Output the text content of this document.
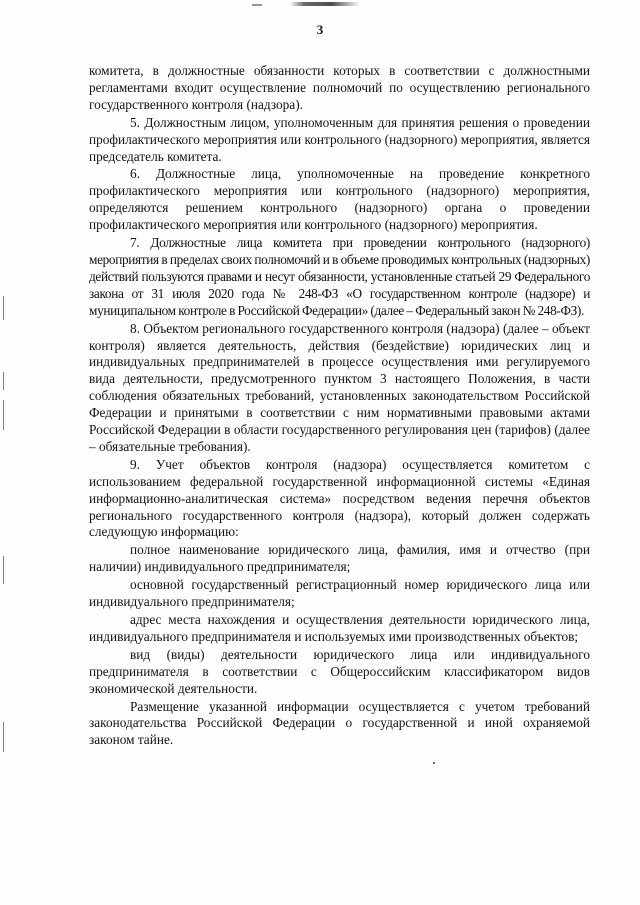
3

комитета, в должностные обязанности которых в соответствии с должностными регламентами входит осуществление полномочий по осуществлению регионального государственного контроля (надзора).

5. Должностным лицом, уполномоченным для принятия решения о проведении профилактического мероприятия или контрольного (надзорного) мероприятия, является председатель комитета.

6. Должностные лица, уполномоченные на проведение конкретного профилактического мероприятия или контрольного (надзорного) мероприятия, определяются решением контрольного (надзорного) органа о проведении профилактического мероприятия или контрольного (надзорного) мероприятия.

7. Должностные лица комитета при проведении контрольного (надзорного) мероприятия в пределах своих полномочий и в объеме проводимых контрольных (надзорных) действий пользуются правами и несут обязанности, установленные статьей 29 Федерального закона от 31 июля 2020 года № 248-ФЗ «О государственном контроле (надзоре) и муниципальном контроле в Российской Федерации» (далее – Федеральный закон № 248-ФЗ).

8. Объектом регионального государственного контроля (надзора) (далее – объект контроля) является деятельность, действия (бездействие) юридических лиц и индивидуальных предпринимателей в процессе осуществления ими регулируемого вида деятельности, предусмотренного пунктом 3 настоящего Положения, в части соблюдения обязательных требований, установленных законодательством Российской Федерации и принятыми в соответствии с ним нормативными правовыми актами Российской Федерации в области государственного регулирования цен (тарифов) (далее – обязательные требования).

9. Учет объектов контроля (надзора) осуществляется комитетом с использованием федеральной государственной информационной системы «Единая информационно-аналитическая система» посредством ведения перечня объектов регионального государственного контроля (надзора), который должен содержать следующую информацию:

полное наименование юридического лица, фамилия, имя и отчество (при наличии) индивидуального предпринимателя;

основной государственный регистрационный номер юридического лица или индивидуального предпринимателя;

адрес места нахождения и осуществления деятельности юридического лица, индивидуального предпринимателя и используемых ими производственных объектов;

вид (виды) деятельности юридического лица или индивидуального предпринимателя в соответствии с Общероссийским классификатором видов экономической деятельности.

Размещение указанной информации осуществляется с учетом требований законодательства Российской Федерации о государственной и иной охраняемой законом тайне.
